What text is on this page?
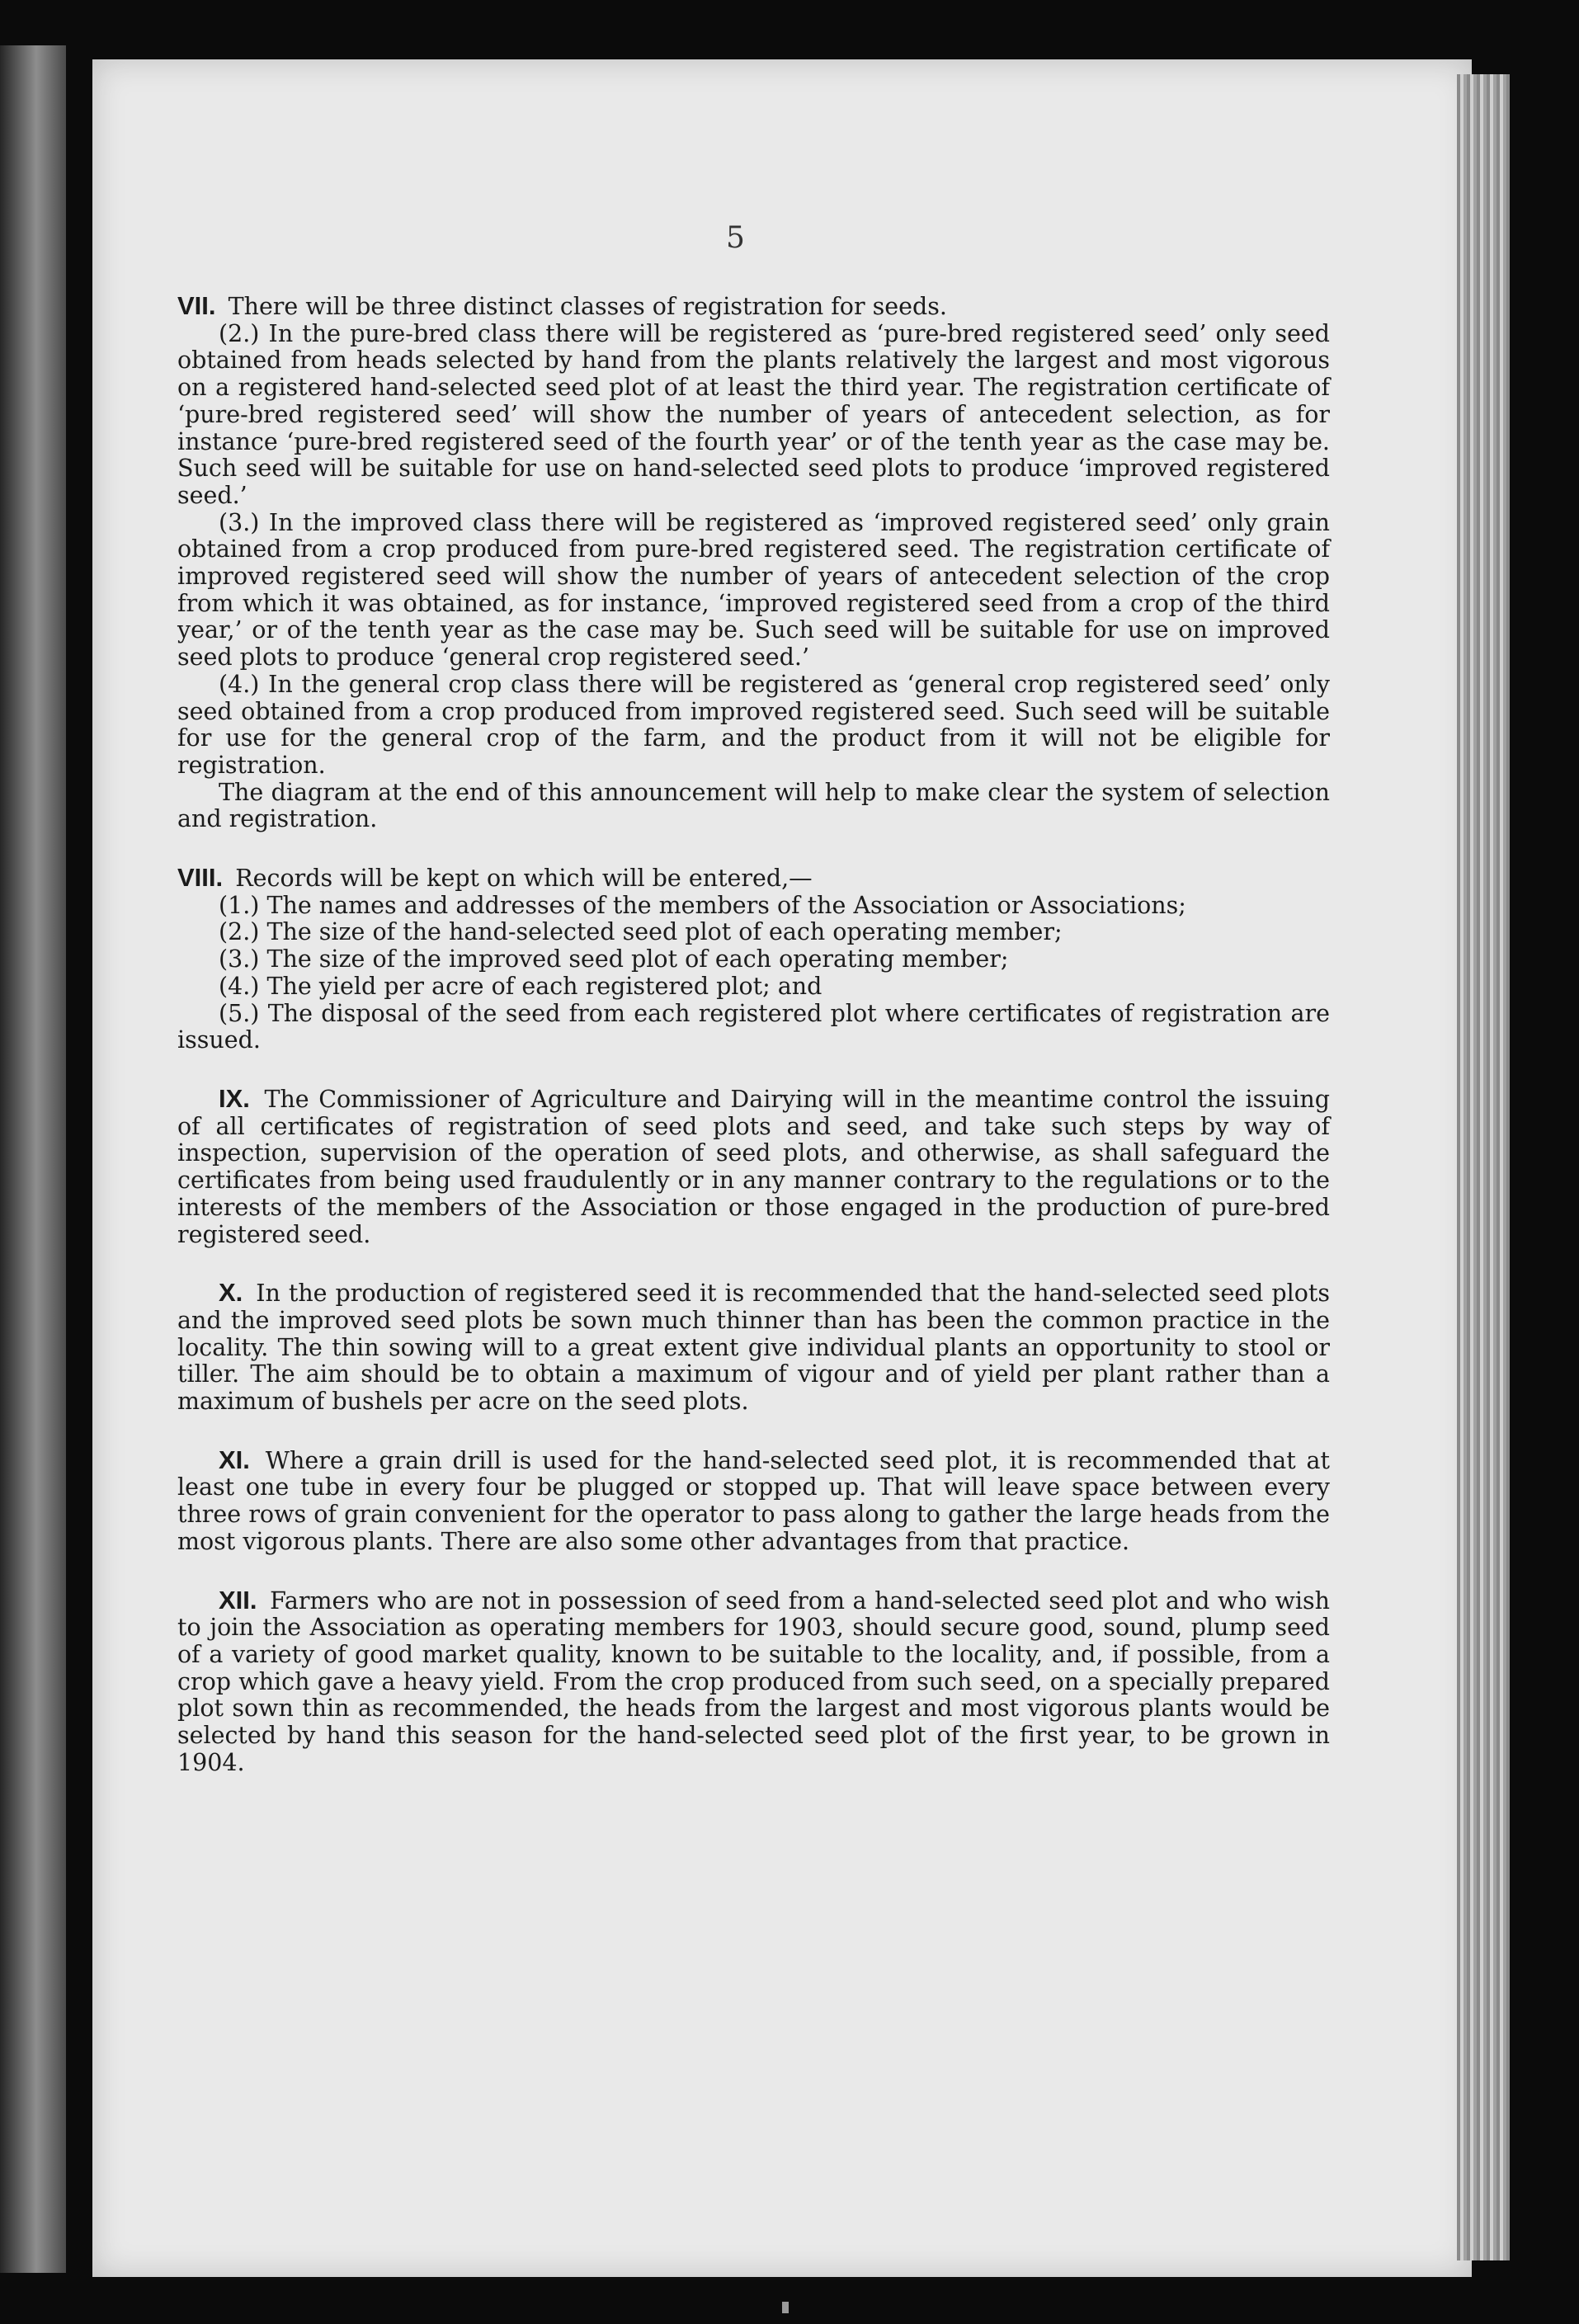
5

VII. There will be three distinct classes of registration for seeds.

(2.) In the pure-bred class there will be registered as ‘pure-bred registered seed’ only seed obtained from heads selected by hand from the plants relatively the largest and most vigorous on a registered hand-selected seed plot of at least the third year. The registration certificate of ‘pure-bred registered seed’ will show the number of years of antecedent selection, as for instance ‘pure-bred registered seed of the fourth year’ or of the tenth year as the case may be. Such seed will be suitable for use on hand-selected seed plots to produce ‘improved registered seed.’

(3.) In the improved class there will be registered as ‘improved registered seed’ only grain obtained from a crop produced from pure-bred registered seed. The registration certificate of improved registered seed will show the number of years of antecedent selection of the crop from which it was obtained, as for instance, ‘improved registered seed from a crop of the third year,’ or of the tenth year as the case may be. Such seed will be suitable for use on improved seed plots to produce ‘general crop registered seed.’

(4.) In the general crop class there will be registered as ‘general crop registered seed’ only seed obtained from a crop produced from improved registered seed. Such seed will be suitable for use for the general crop of the farm, and the product from it will not be eligible for registration.

The diagram at the end of this announcement will help to make clear the system of selection and registration.

VIII. Records will be kept on which will be entered,—

(1.) The names and addresses of the members of the Association or Associations;

(2.) The size of the hand-selected seed plot of each operating member;

(3.) The size of the improved seed plot of each operating member;

(4.) The yield per acre of each registered plot; and

(5.) The disposal of the seed from each registered plot where certificates of registration are issued.

IX. The Commissioner of Agriculture and Dairying will in the meantime control the issuing of all certificates of registration of seed plots and seed, and take such steps by way of inspection, supervision of the operation of seed plots, and otherwise, as shall safeguard the certificates from being used fraudulently or in any manner contrary to the regulations or to the interests of the members of the Association or those engaged in the production of pure-bred registered seed.

X. In the production of registered seed it is recommended that the hand-selected seed plots and the improved seed plots be sown much thinner than has been the common practice in the locality. The thin sowing will to a great extent give individual plants an opportunity to stool or tiller. The aim should be to obtain a maximum of vigour and of yield per plant rather than a maximum of bushels per acre on the seed plots.

XI. Where a grain drill is used for the hand-selected seed plot, it is recommended that at least one tube in every four be plugged or stopped up. That will leave space between every three rows of grain convenient for the operator to pass along to gather the large heads from the most vigorous plants. There are also some other advantages from that practice.

XII. Farmers who are not in possession of seed from a hand-selected seed plot and who wish to join the Association as operating members for 1903, should secure good, sound, plump seed of a variety of good market quality, known to be suitable to the locality, and, if possible, from a crop which gave a heavy yield. From the crop produced from such seed, on a specially prepared plot sown thin as recommended, the heads from the largest and most vigorous plants would be selected by hand this season for the hand-selected seed plot of the first year, to be grown in 1904.
